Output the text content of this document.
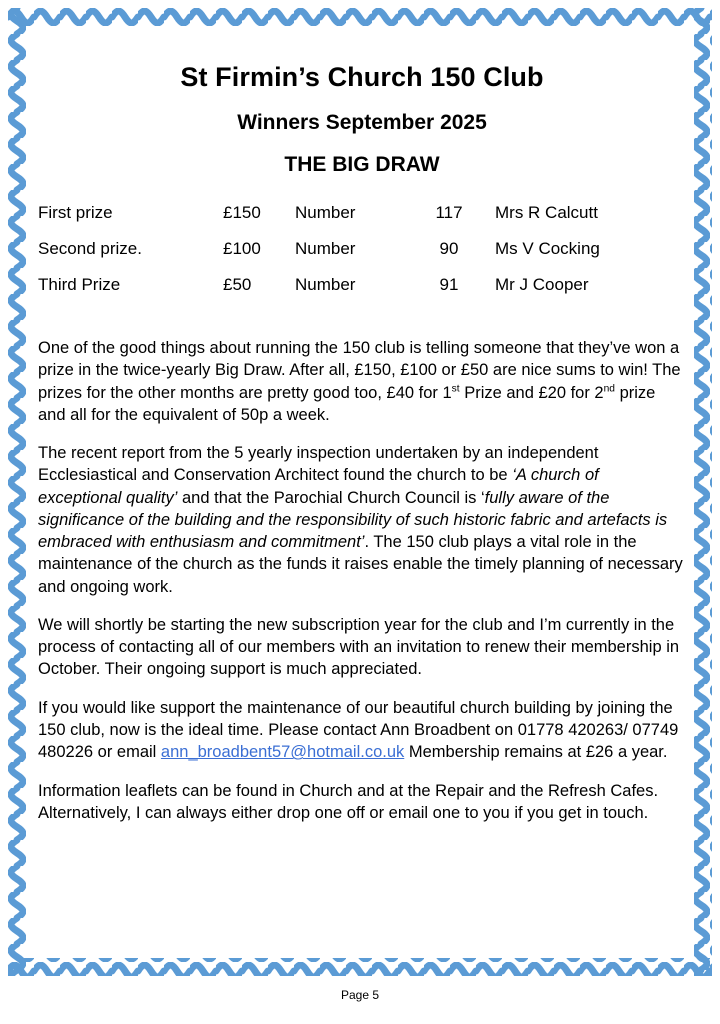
St Firmin’s Church 150 Club
Winners September 2025
THE BIG DRAW
First prize	£150	Number	117	Mrs R Calcutt
Second prize.	£100	Number	90	Ms V Cocking
Third Prize	£50	Number	91	Mr J Cooper

One of the good things about running the 150 club is telling someone that they’ve won a prize in the twice-yearly Big Draw. After all, £150, £100 or £50 are nice sums to win! The prizes for the other months are pretty good too, £40 for 1st Prize and £20 for 2nd prize and all for the equivalent of 50p a week.

The recent report from the 5 yearly inspection undertaken by an independent Ecclesiastical and Conservation Architect found the church to be ‘A church of exceptional quality’ and that the Parochial Church Council is ‘fully aware of the significance of the building and the responsibility of such historic fabric and artefacts is embraced with enthusiasm and commitment’. The 150 club plays a vital role in the maintenance of the church as the funds it raises enable the timely planning of necessary and ongoing work.

We will shortly be starting the new subscription year for the club and I’m currently in the process of contacting all of our members with an invitation to renew their membership in October. Their ongoing support is much appreciated.

If you would like support the maintenance of our beautiful church building by joining the 150 club, now is the ideal time. Please contact Ann Broadbent on 01778 420263/ 07749 480226 or email ann_broadbent57@hotmail.co.uk Membership remains at £26 a year.

Information leaflets can be found in Church and at the Repair and the Refresh Cafes. Alternatively, I can always either drop one off or email one to you if you get in touch.

Page 5
